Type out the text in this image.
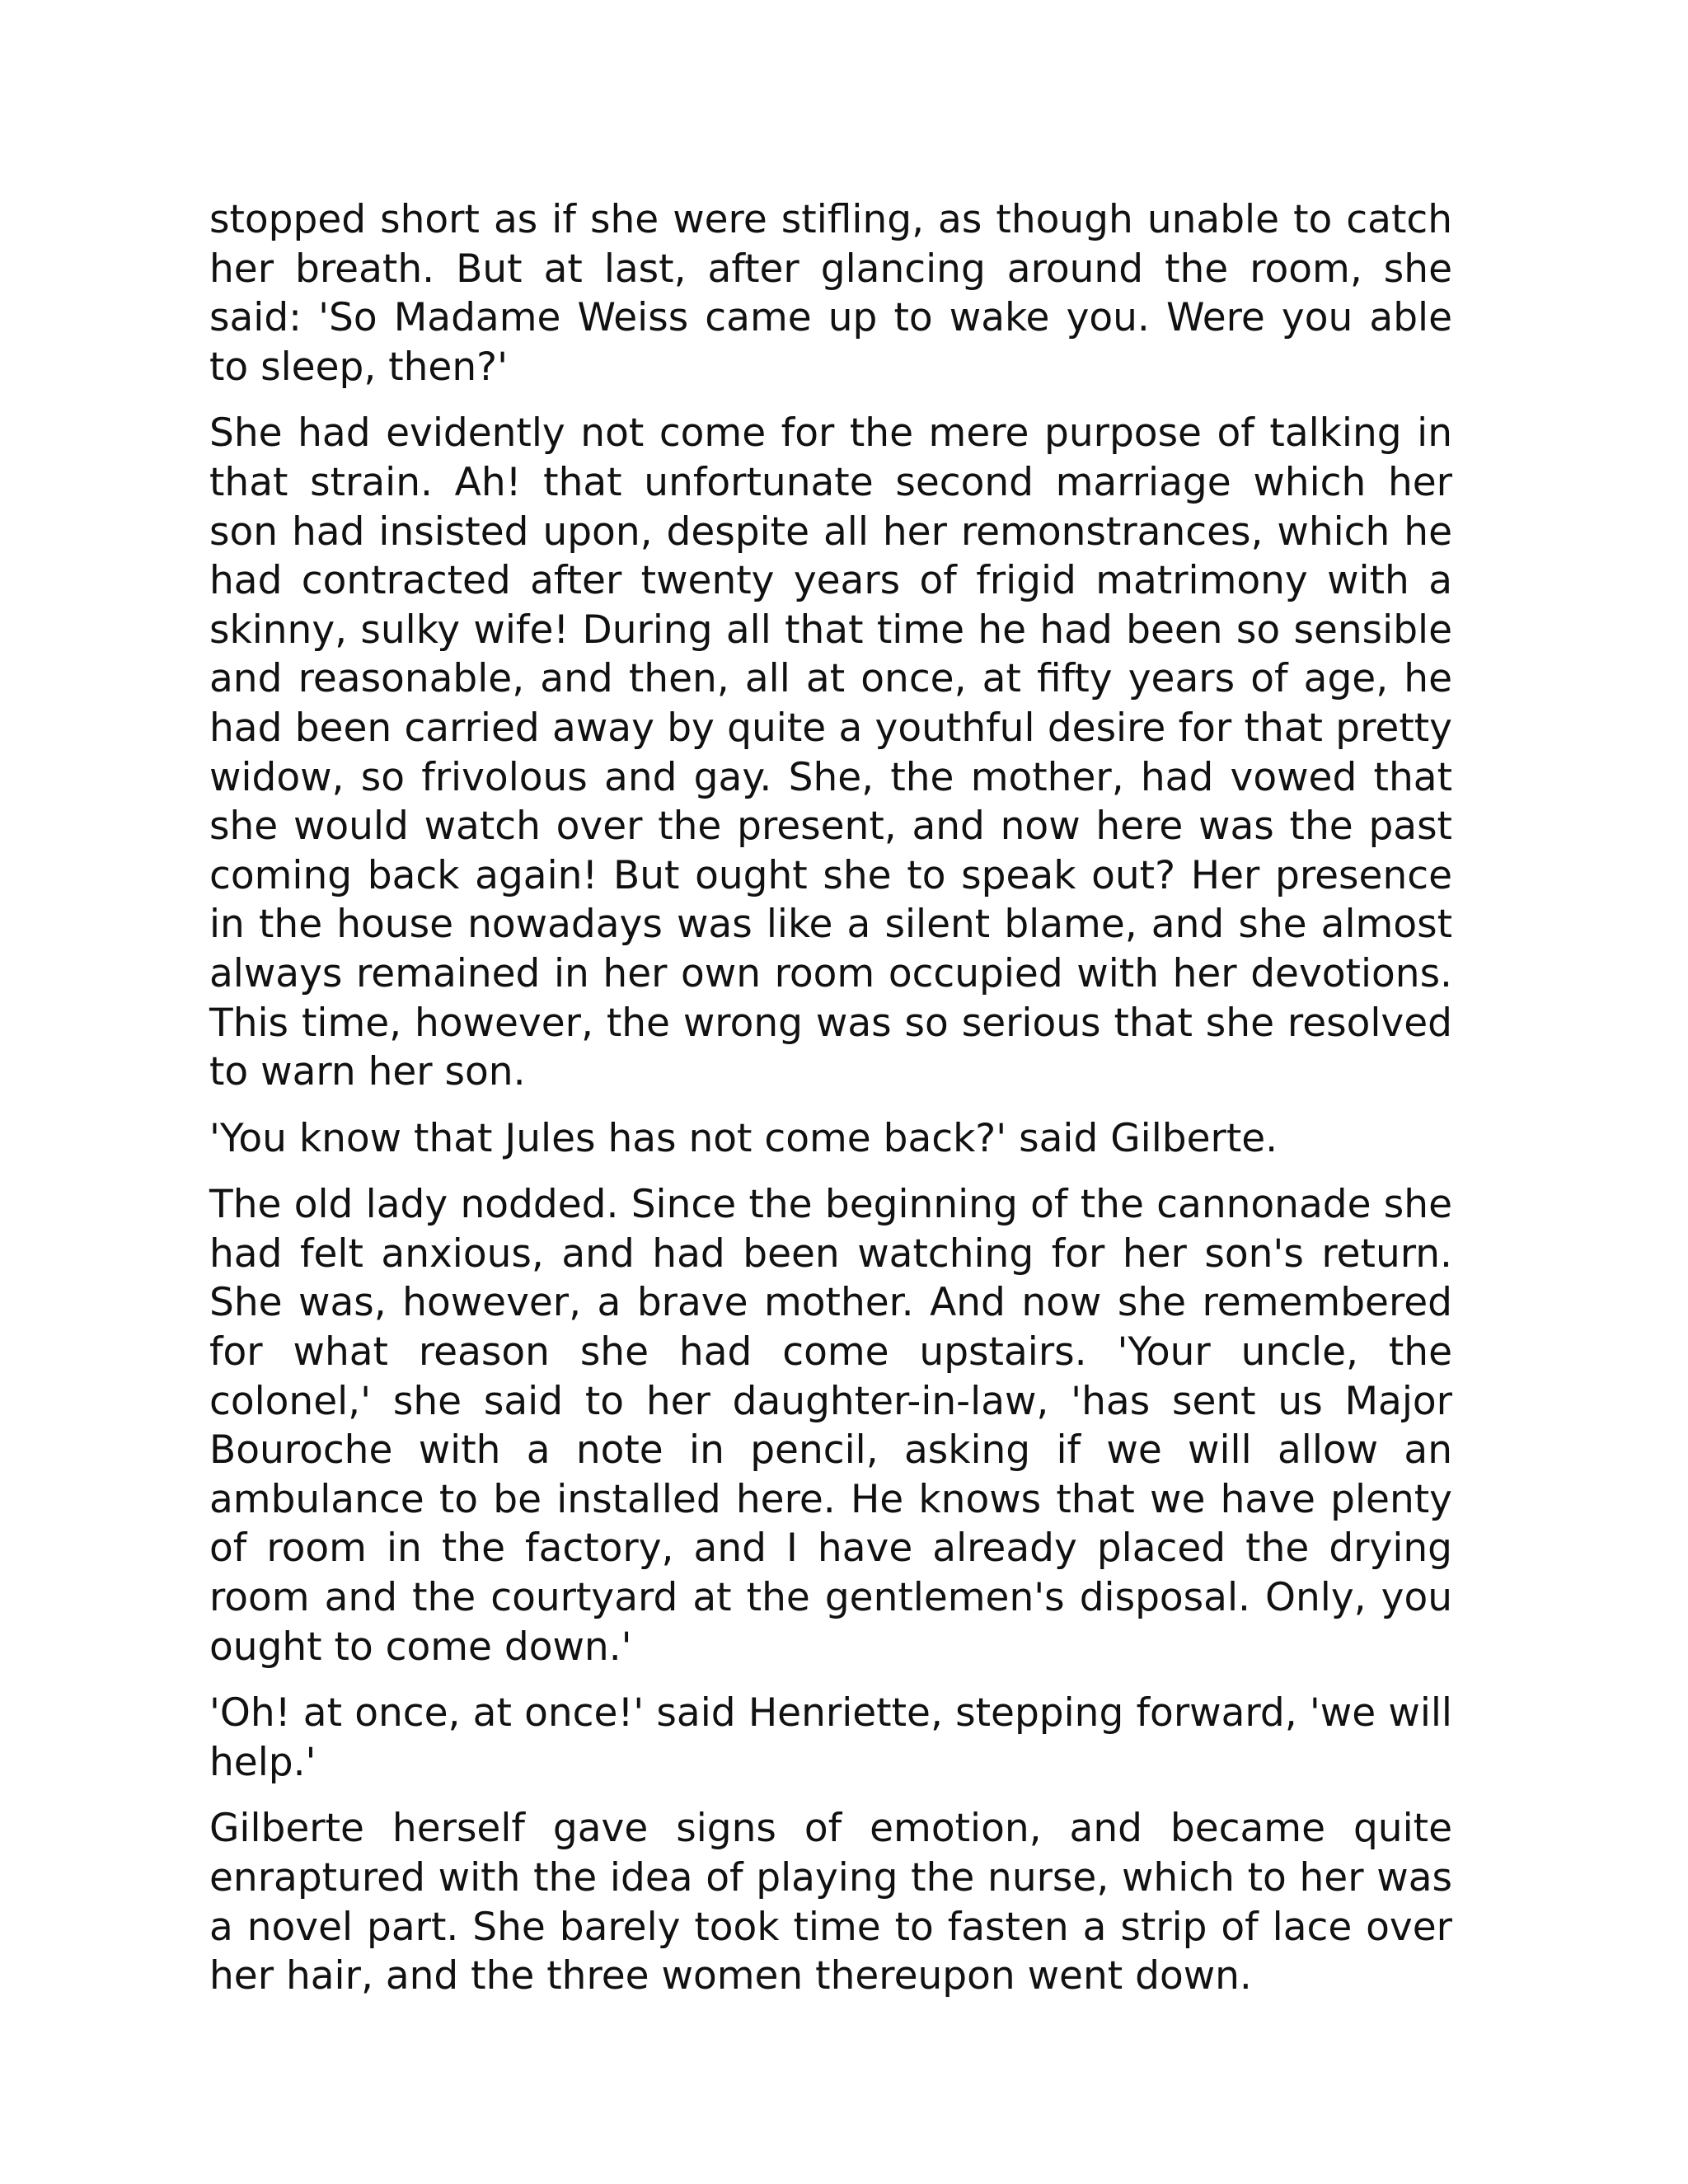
stopped short as if she were stifling, as though unable to catch her breath. But at last, after glancing around the room, she said: 'So Madame Weiss came up to wake you. Were you able to sleep, then?'

She had evidently not come for the mere purpose of talking in that strain. Ah! that unfortunate second marriage which her son had insisted upon, despite all her remonstrances, which he had contracted after twenty years of frigid matrimony with a skinny, sulky wife! During all that time he had been so sensible and reasonable, and then, all at once, at fifty years of age, he had been carried away by quite a youthful desire for that pretty widow, so frivolous and gay. She, the mother, had vowed that she would watch over the present, and now here was the past coming back again! But ought she to speak out? Her presence in the house nowadays was like a silent blame, and she almost always remained in her own room occupied with her devotions. This time, however, the wrong was so serious that she resolved to warn her son.

'You know that Jules has not come back?' said Gilberte.

The old lady nodded. Since the beginning of the cannonade she had felt anxious, and had been watching for her son's return. She was, however, a brave mother. And now she remembered for what reason she had come upstairs. 'Your uncle, the colonel,' she said to her daughter-in-law, 'has sent us Major Bouroche with a note in pencil, asking if we will allow an ambulance to be installed here. He knows that we have plenty of room in the factory, and I have already placed the drying room and the courtyard at the gentlemen's disposal. Only, you ought to come down.'

'Oh! at once, at once!' said Henriette, stepping forward, 'we will help.'

Gilberte herself gave signs of emotion, and became quite enraptured with the idea of playing the nurse, which to her was a novel part. She barely took time to fasten a strip of lace over her hair, and the three women thereupon went down.
